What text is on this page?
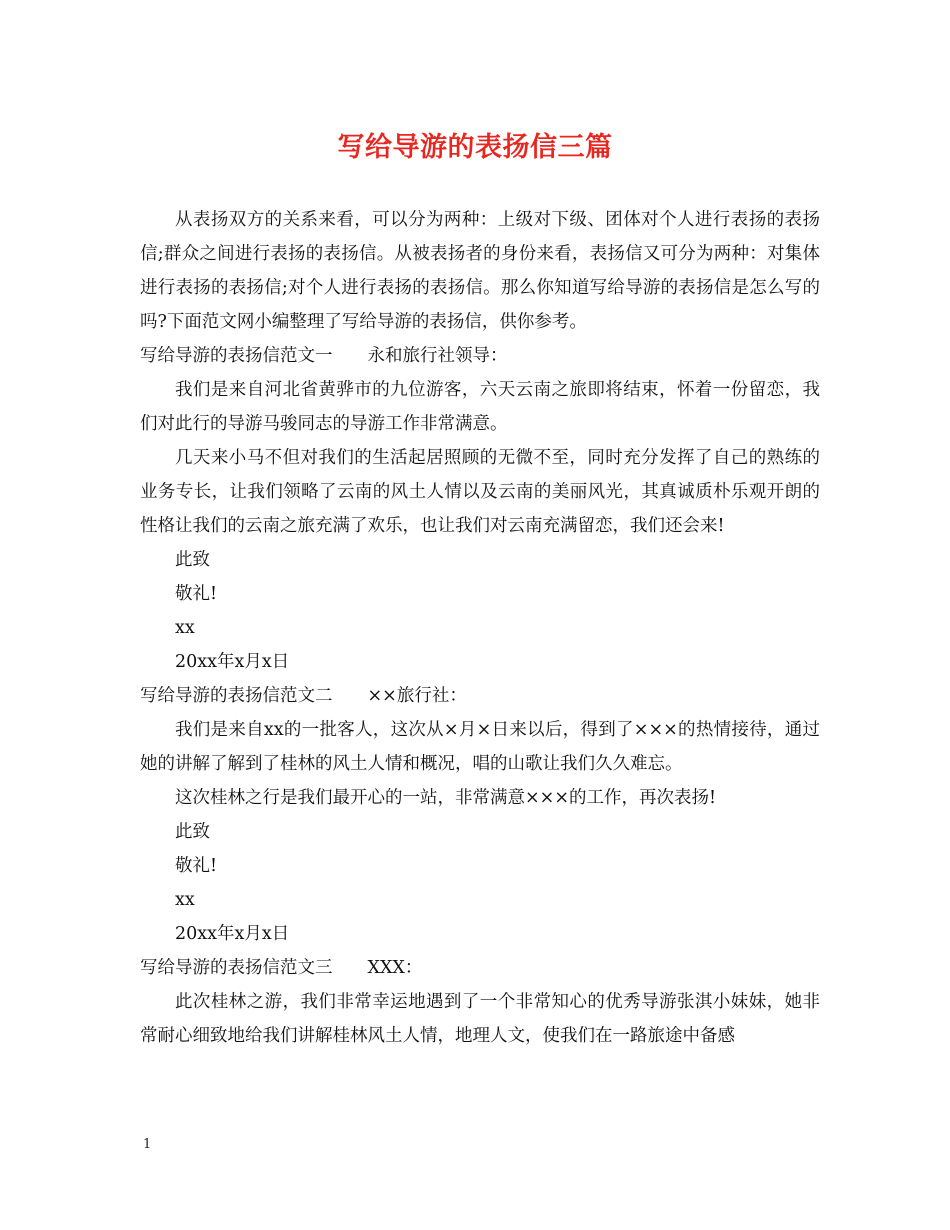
写给导游的表扬信三篇

从表扬双方的关系来看，可以分为两种：上级对下级、团体对个人进行表扬的表扬信;群众之间进行表扬的表扬信。从被表扬者的身份来看，表扬信又可分为两种：对集体进行表扬的表扬信;对个人进行表扬的表扬信。那么你知道写给导游的表扬信是怎么写的吗?下面范文网小编整理了写给导游的表扬信，供你参考。

写给导游的表扬信范文一　　永和旅行社领导：

我们是来自河北省黄骅市的九位游客，六天云南之旅即将结束，怀着一份留恋，我们对此行的导游马骏同志的导游工作非常满意。

几天来小马不但对我们的生活起居照顾的无微不至，同时充分发挥了自己的熟练的业务专长，让我们领略了云南的风土人情以及云南的美丽风光，其真诚质朴乐观开朗的性格让我们的云南之旅充满了欢乐，也让我们对云南充满留恋，我们还会来!

此致

敬礼!

xx

20xx年x月x日

写给导游的表扬信范文二　　××旅行社：

我们是来自xx的一批客人，这次从×月×日来以后，得到了×××的热情接待，通过她的讲解了解到了桂林的风土人情和概况，唱的山歌让我们久久难忘。

这次桂林之行是我们最开心的一站，非常满意×××的工作，再次表扬!

此致

敬礼!

xx

20xx年x月x日

写给导游的表扬信范文三　　XXX：

此次桂林之游，我们非常幸运地遇到了一个非常知心的优秀导游张淇小妹妹，她非常耐心细致地给我们讲解桂林风土人情，地理人文，使我们在一路旅途中备感

1
